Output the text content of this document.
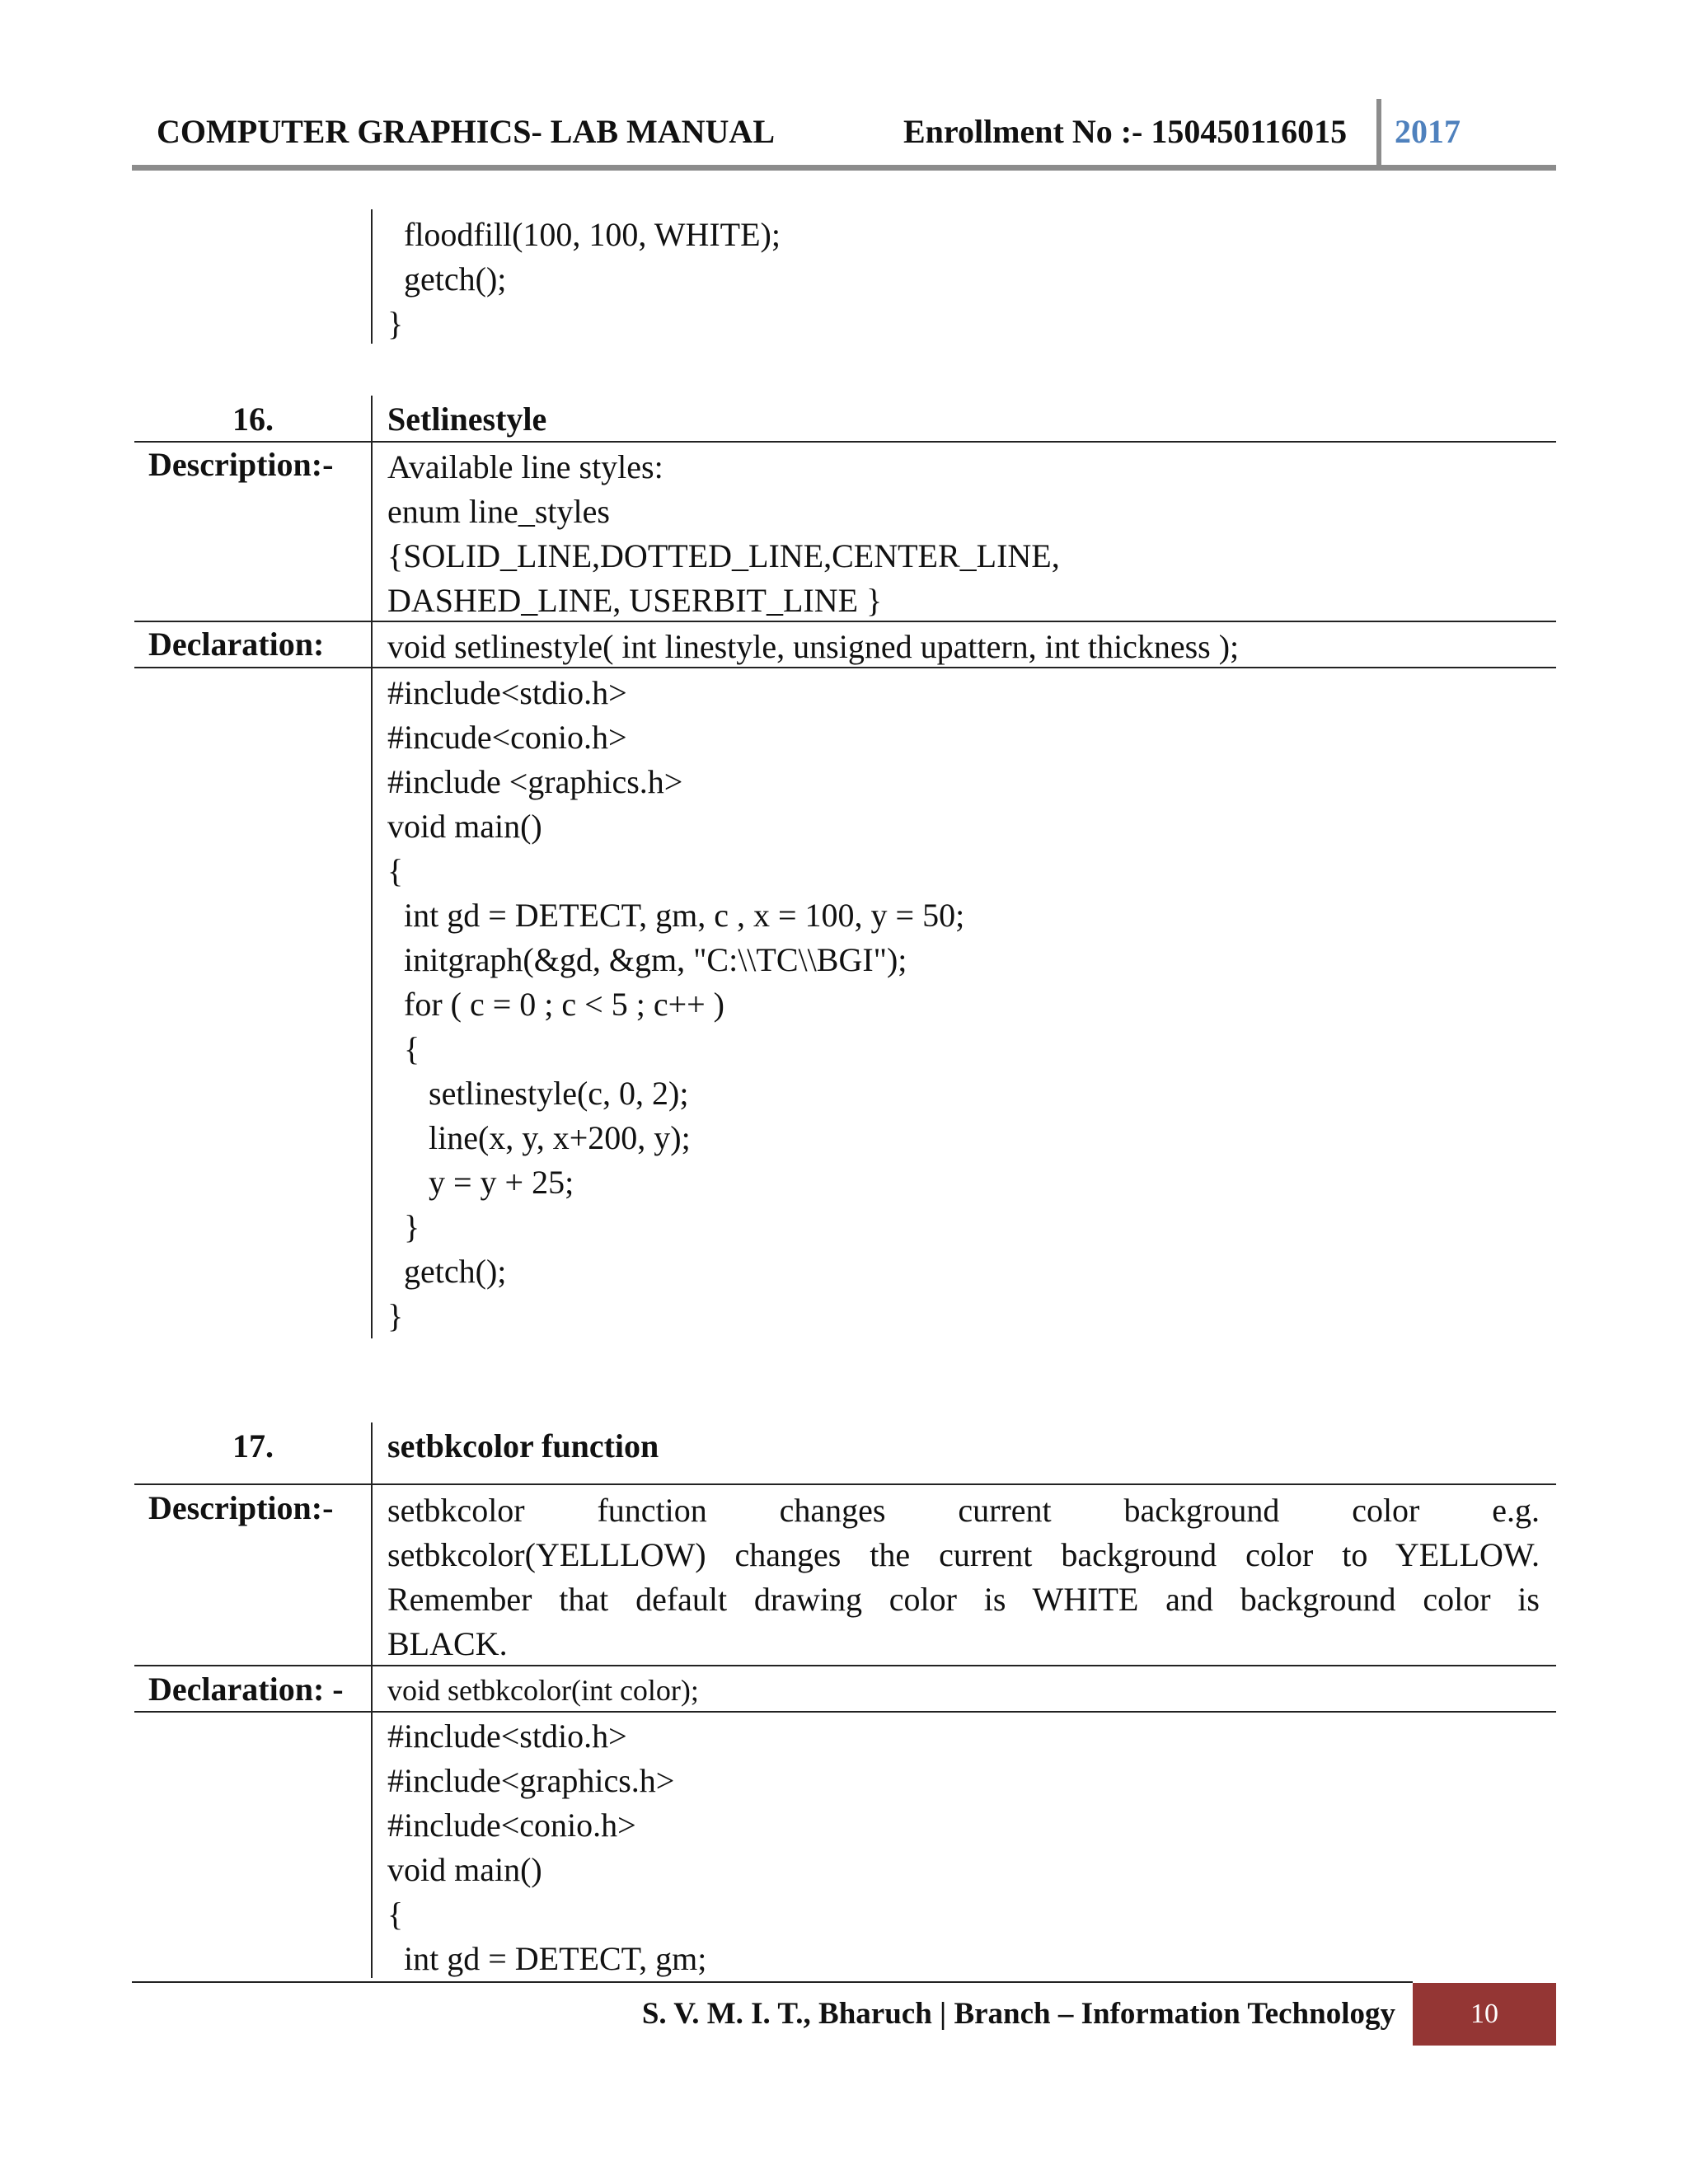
COMPUTER GRAPHICS- LAB MANUAL	Enrollment No :- 150450116015 2017
floodfill(100, 100, WHITE);
getch();
}
16.	Setlinestyle
Description:- Available line styles:
enum line_styles
{SOLID_LINE,DOTTED_LINE,CENTER_LINE,
DASHED_LINE, USERBIT_LINE }
Declaration: void setlinestyle( int linestyle, unsigned upattern, int thickness );
#include<stdio.h>
#incude<conio.h>
#include <graphics.h>
void main()
{
int gd = DETECT, gm, c , x = 100, y = 50;
initgraph(&gd, &gm, "C:\\TC\\BGI");
for ( c = 0 ; c < 5 ; c++ )
{
setlinestyle(c, 0, 2);
line(x, y, x+200, y);
y = y + 25;
}
getch();
}
17.	setbkcolor function
Description:- setbkcolor function changes current background color e.g.
setbkcolor(YELLLOW) changes the current background color to YELLOW.
Remember that default drawing color is WHITE and background color is
BLACK.
Declaration: - void setbkcolor(int color);
#include<stdio.h>
#include<graphics.h>
#include<conio.h>
void main()
{
int gd = DETECT, gm;
S. V. M. I. T., Bharuch | Branch – Information Technology	10
